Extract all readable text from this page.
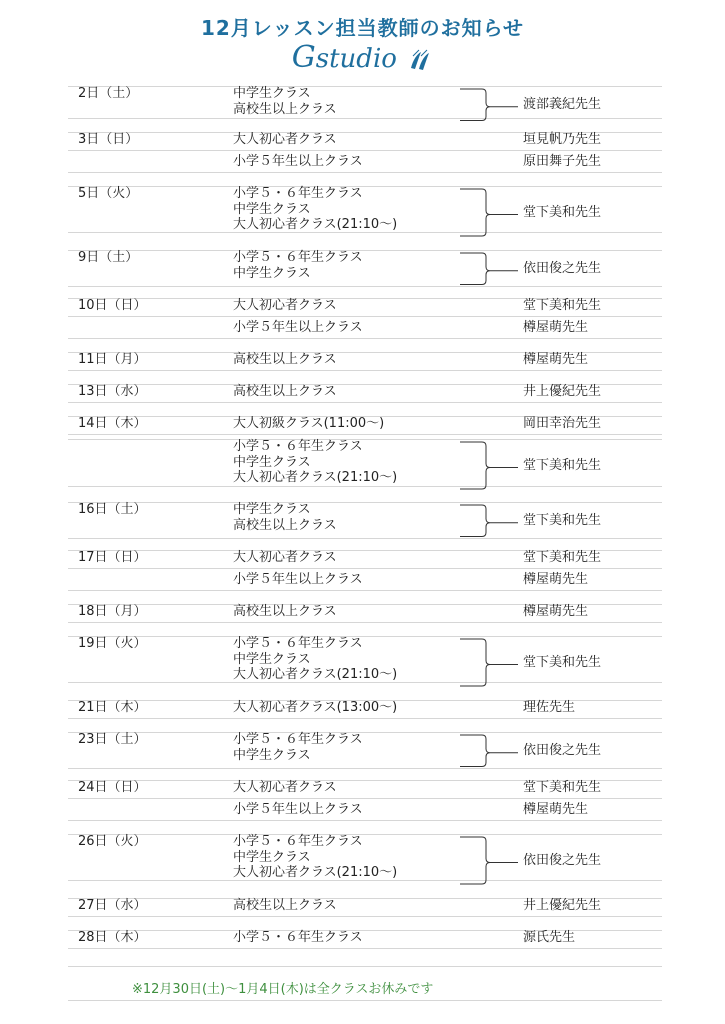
12月レッスン担当教師のお知らせ
Gstudio
2日（土）	中学生クラス
高校生以上クラス	渡部義紀先生
3日（日）	大人初心者クラス	垣見帆乃先生
小学５年生以上クラス	原田舞子先生
5日（火）	小学５・６年生クラス
中学生クラス
大人初心者クラス(21:10〜)
堂下美和先生
9日（土）	小学５・６年生クラス
中学生クラス	依田俊之先生
10日（日）	大人初心者クラス	堂下美和先生
小学５年生以上クラス	樽屋萌先生
11日（月）	高校生以上クラス	樽屋萌先生
13日（水）	高校生以上クラス	井上優紀先生
14日（木）	大人初級クラス(11:00〜)	岡田幸治先生
小学５・６年生クラス
中学生クラス
大人初心者クラス(21:10〜)
堂下美和先生
16日（土）	中学生クラス
高校生以上クラス	堂下美和先生
17日（日）	大人初心者クラス	堂下美和先生
小学５年生以上クラス	樽屋萌先生
18日（月）	高校生以上クラス	樽屋萌先生
19日（火）	小学５・６年生クラス
中学生クラス
大人初心者クラス(21:10〜)
堂下美和先生
21日（木）	大人初心者クラス(13:00〜)	理佐先生
23日（土）	小学５・６年生クラス
中学生クラス	依田俊之先生
24日（日）	大人初心者クラス	堂下美和先生
小学５年生以上クラス	樽屋萌先生
26日（火）	小学５・６年生クラス
中学生クラス
大人初心者クラス(21:10〜)
依田俊之先生
27日（水）	高校生以上クラス	井上優紀先生
28日（木）	小学５・６年生クラス	源氏先生
※12月30日(土)〜1月4日(木)は全クラスお休みです
